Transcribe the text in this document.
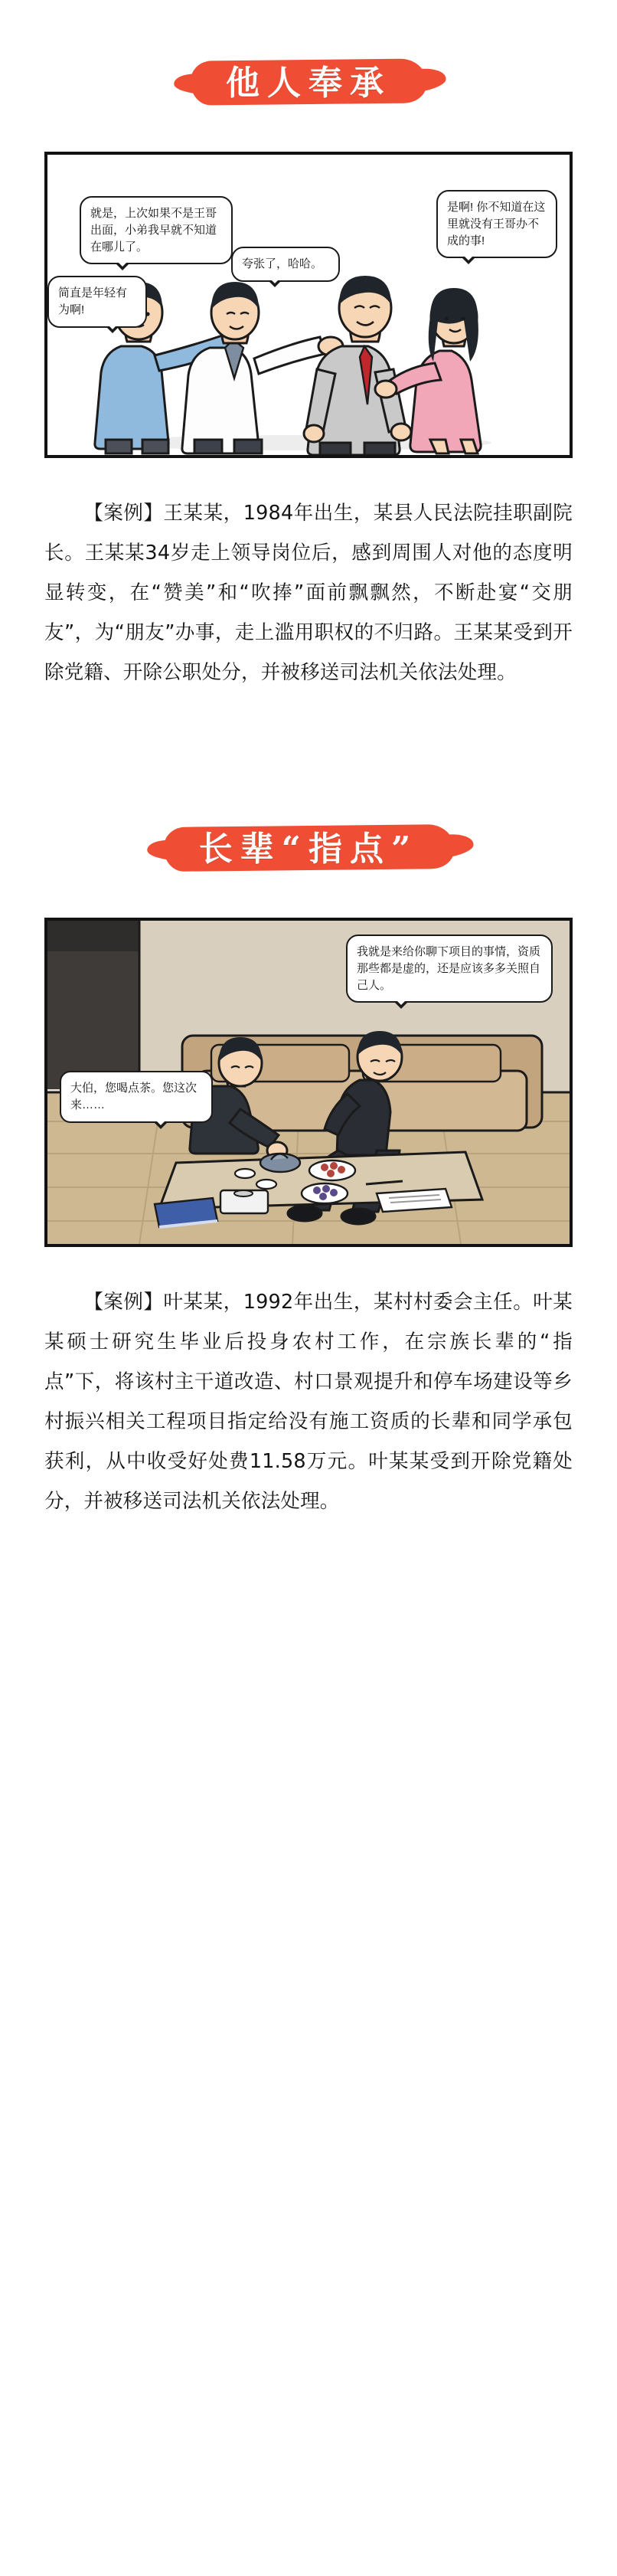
他人奉承
就是，上次如果不是王哥出面，小弟我早就不知道在哪儿了。
简直是年轻有为啊!
夸张了，哈哈。
是啊! 你不知道在这里就没有王哥办不成的事!
【案例】王某某，1984年出生，某县人民法院挂职副院长。王某某34岁走上领导岗位后，感到周围人对他的态度明显转变，在“赞美”和“吹捧”面前飘飘然，不断赴宴“交朋友”，为“朋友”办事，走上滥用职权的不归路。王某某受到开除党籍、开除公职处分，并被移送司法机关依法处理。
长辈“指点”
我就是来给你聊下项目的事情，资质那些都是虚的，还是应该多多关照自己人。
大伯，您喝点茶。您这次来……
【案例】叶某某，1992年出生，某村村委会主任。叶某某硕士研究生毕业后投身农村工作，在宗族长辈的“指点”下，将该村主干道改造、村口景观提升和停车场建设等乡村振兴相关工程项目指定给没有施工资质的长辈和同学承包获利，从中收受好处费11.58万元。叶某某受到开除党籍处分，并被移送司法机关依法处理。
